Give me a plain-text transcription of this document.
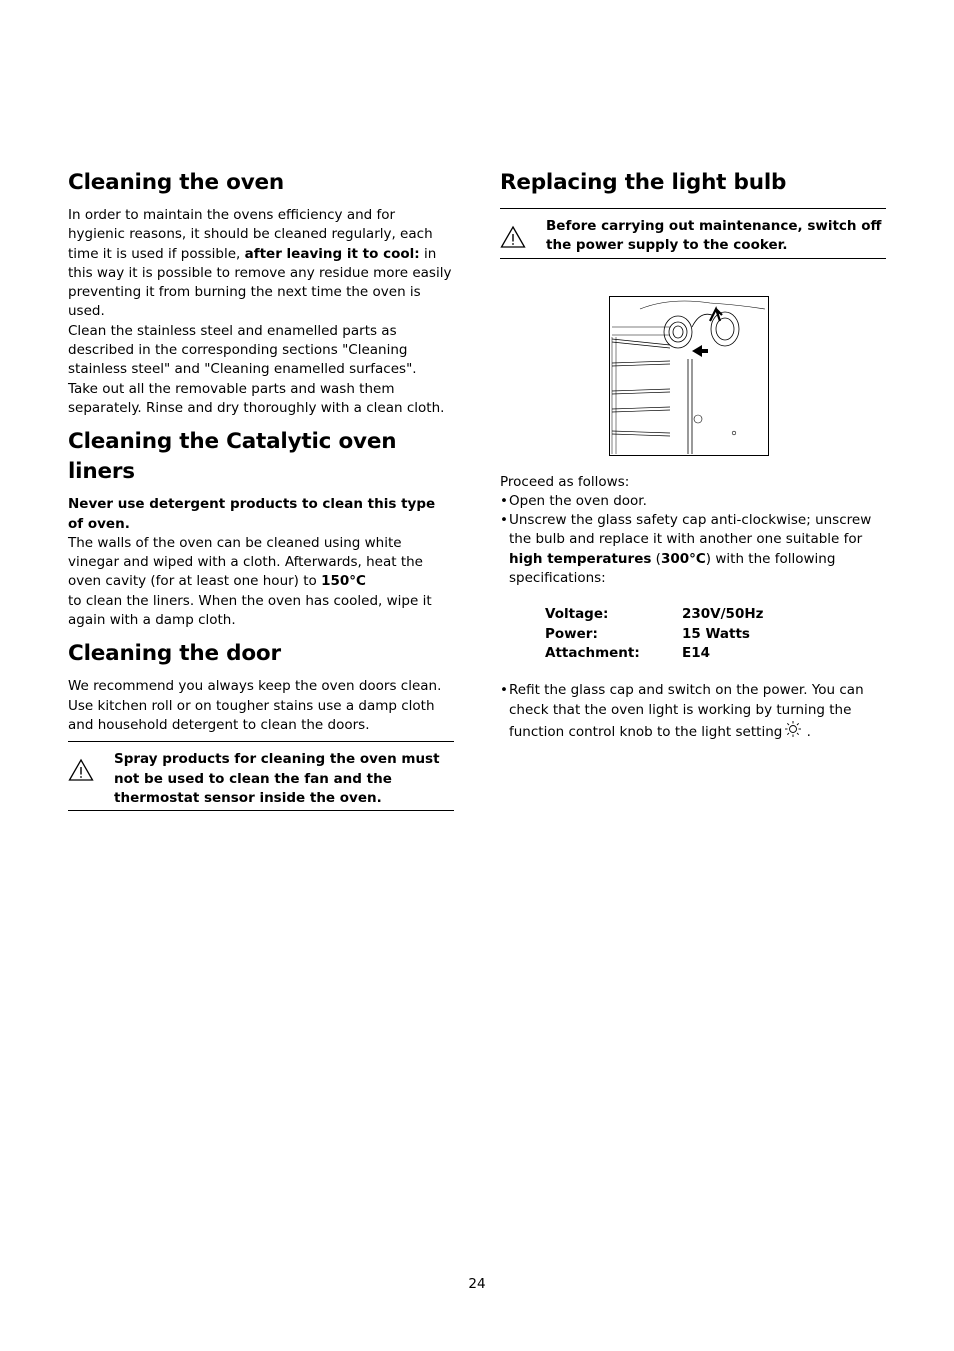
Cleaning the oven

In order to maintain the ovens efficiency and for hygienic reasons, it should be cleaned regularly, each time it is used if possible, after leaving it to cool: in this way it is possible to remove any residue more easily preventing it from burning the next time the oven is used.

Clean the stainless steel and enamelled parts as described in the corresponding sections "Cleaning stainless steel" and "Cleaning enamelled surfaces".

Take out all the removable parts and wash them separately. Rinse and dry thoroughly with a clean cloth.

Cleaning the Catalytic oven liners

Never use detergent products to clean this type of oven.

The walls of the oven can be cleaned using white vinegar and wiped with a cloth. Afterwards, heat the

oven cavity (for at least one hour) to 150°C

to clean the liners. When the oven has cooled, wipe it again with a damp cloth.

Cleaning the door

We recommend you always keep the oven doors clean. Use kitchen roll or on tougher stains use a damp cloth and household detergent to clean the doors.

Spray products for cleaning the oven must not be used to clean the fan and the thermostat sensor inside the oven.
Replacing the light bulb
Before carrying out maintenance, switch off the power supply to the cooker.

Proceed as follows:

• Open the oven door.
• Unscrew the glass safety cap anti-clockwise; unscrew the bulb and replace it with another one suitable for high temperatures (300°C) with the following specifications:
Voltage:	230V/50Hz
Power:	15 Watts
Attachment:	E14
• Refit the glass cap and switch on the power. You can check that the oven light is working by turning the function control knob to the light setting .
24
